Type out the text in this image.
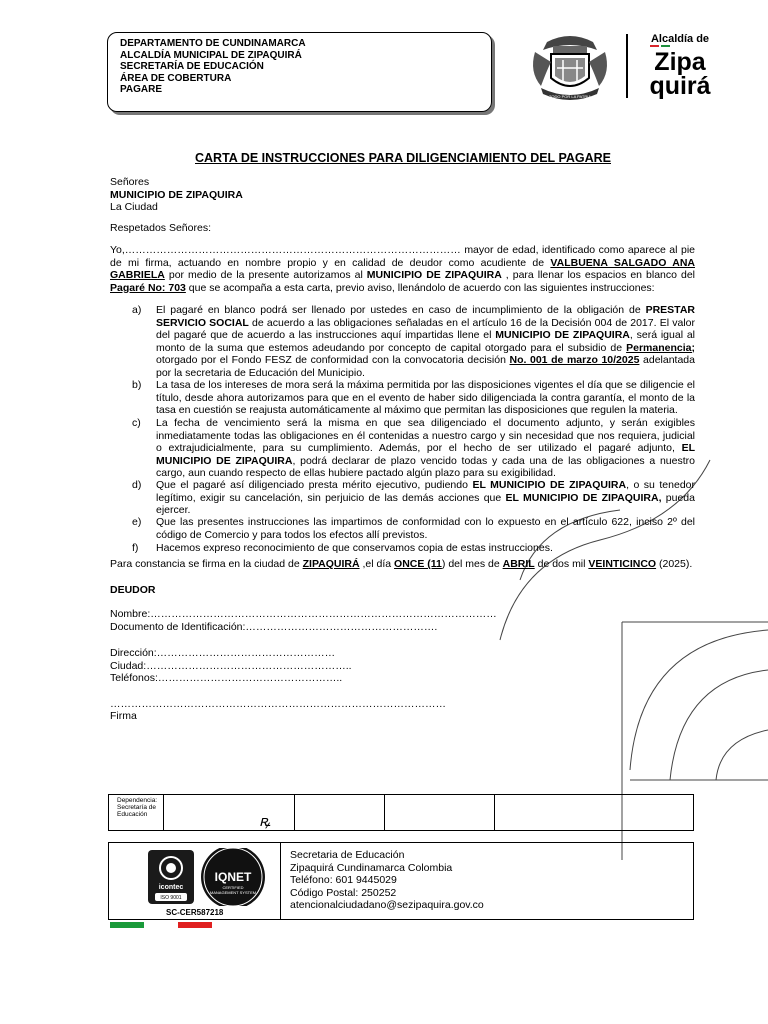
DEPARTAMENTO DE CUNDINAMARCA
ALCALDÍA MUNICIPAL DE ZIPAQUIRÁ
SECRETARÍA DE EDUCACIÓN
ÁREA DE COBERTURA
PAGARE
TODO POR LA PATRIA
Alcaldía de
Zipa
quirá
CARTA DE INSTRUCCIONES PARA DILIGENCIAMIENTO DEL PAGARE
Señores
MUNICIPIO DE ZIPAQUIRA
La Ciudad
Respetados Señores:
Yo,…………………………………………………………………………………… mayor de edad, identificado como aparece al pie de mi firma, actuando en nombre propio y en calidad de deudor como acudiente de VALBUENA SALGADO ANA GABRIELA por medio de la presente autorizamos al MUNICIPIO DE ZIPAQUIRA , para llenar los espacios en blanco del Pagaré No: 703 que se acompaña a esta carta, previo aviso, llenándolo de acuerdo con las siguientes instrucciones:
a) El pagaré en blanco podrá ser llenado por ustedes en caso de incumplimiento de la obligación de PRESTAR SERVICIO SOCIAL de acuerdo a las obligaciones señaladas en el artículo 16 de la Decisión 004 de 2017. El valor del pagaré que de acuerdo a las instrucciones aquí impartidas llene el MUNICIPIO DE ZIPAQUIRA, será igual al monto de la suma que estemos adeudando por concepto de capital otorgado para el subsidio de Permanencia; otorgado por el Fondo FESZ de conformidad con la convocatoria decisión No. 001 de marzo 10/2025 adelantada por la secretaria de Educación del Municipio.
b) La tasa de los intereses de mora será la máxima permitida por las disposiciones vigentes el día que se diligencie el título, desde ahora autorizamos para que en el evento de haber sido diligenciada la contra garantía, el monto de la tasa en cuestión se reajusta automáticamente al máximo que permitan las disposiciones que regulen la materia.
c) La fecha de vencimiento será la misma en que sea diligenciado el documento adjunto, y serán exigibles inmediatamente todas las obligaciones en él contenidas a nuestro cargo y sin necesidad que nos requiera, judicial o extrajudicialmente, para su cumplimiento. Además, por el hecho de ser utilizado el pagaré adjunto, EL MUNICIPIO DE ZIPAQUIRA, podrá declarar de plazo vencido todas y cada una de las obligaciones a nuestro cargo, aun cuando respecto de ellas hubiere pactado algún plazo para su exigibilidad.
d) Que el pagaré así diligenciado presta mérito ejecutivo, pudiendo EL MUNICIPIO DE ZIPAQUIRA, o su tenedor legítimo, exigir su cancelación, sin perjuicio de las demás acciones que EL MUNICIPIO DE ZIPAQUIRA, pueda ejercer.
e) Que las presentes instrucciones las impartimos de conformidad con lo expuesto en el artículo 622, inciso 2º del código de Comercio y para todos los efectos allí previstos.
f) Hacemos expreso reconocimiento de que conservamos copia de estas instrucciones.
Para constancia se firma en la ciudad de ZIPAQUIRÁ ,el día ONCE (11) del mes de ABRIL de dos mil VEINTICINCO (2025).
DEUDOR
Nombre:………………………………………………………………………………………
Documento de Identificación:……………………………………………….
Dirección:……………………………………………
Ciudad:…………………………………………………..
Teléfonos:……………………………………………..
……………………………………………………………………………………
Firma
Dependencia:
Secretaría de
Educación	ꝶ
icontec
ISO 9001
IQNET
CERTIFIED
MANAGEMENT SYSTEM
SC-CER587218
Secretaria de Educación
Zipaquirá Cundinamarca Colombia
Teléfono: 601 9445029
Código Postal: 250252
atencionalciudadano@sezipaquira.gov.co
